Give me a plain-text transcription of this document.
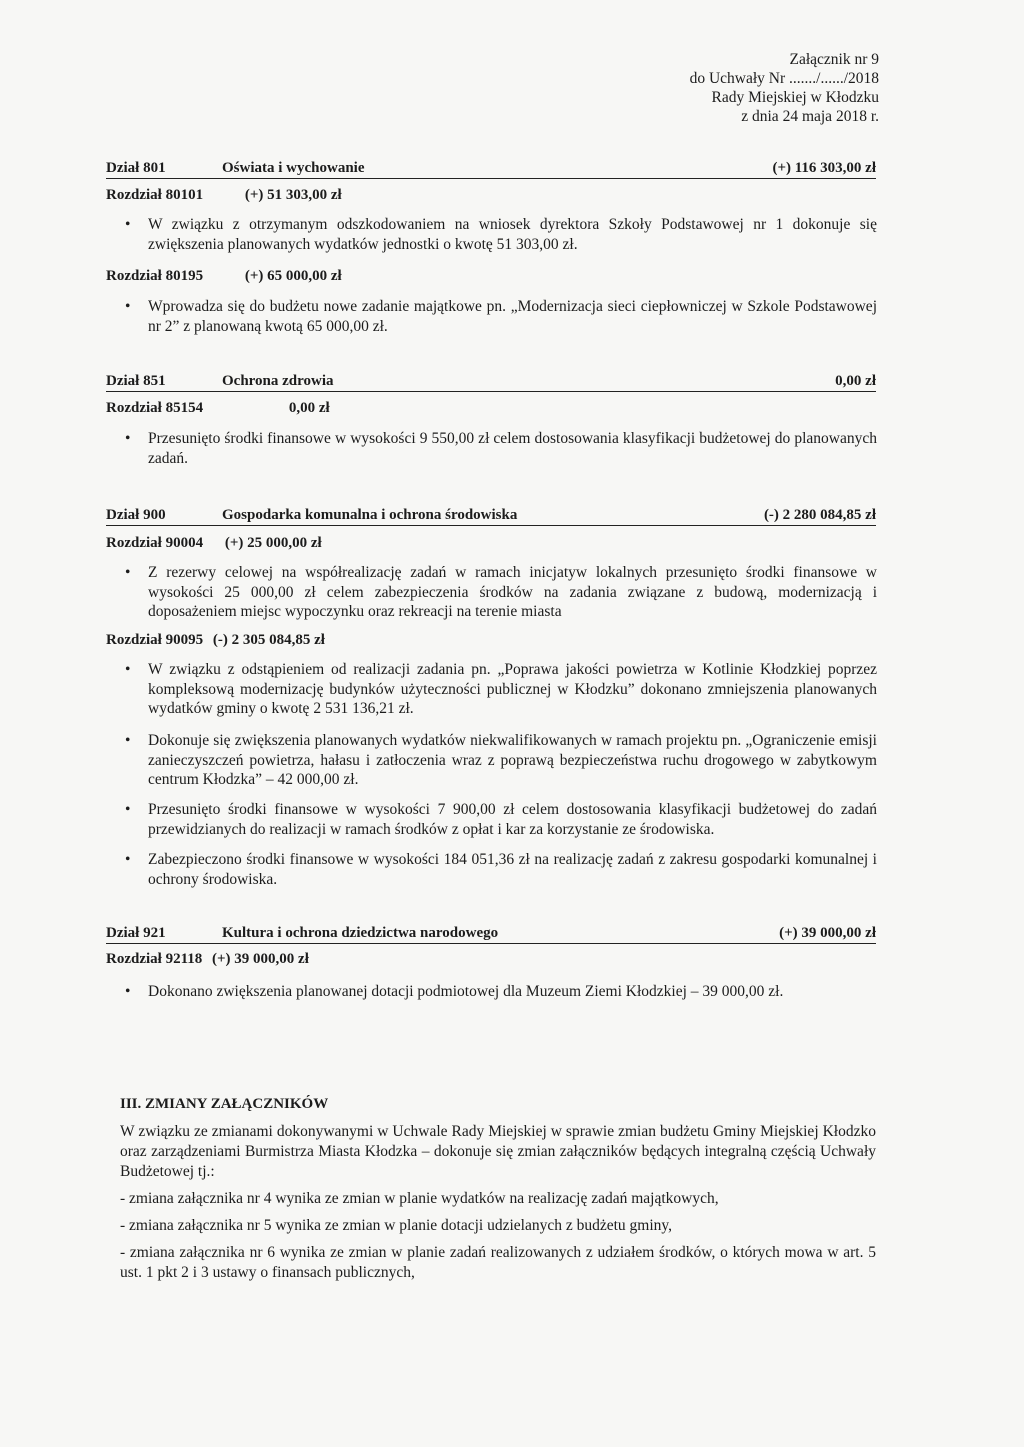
Załącznik nr 9
do Uchwały Nr ......./....../2018
Rady Miejskiej w Kłodzku
z dnia 24 maja 2018 r.
Dział 801	Oświata i wychowanie	(+) 116 303,00 zł
Rozdział 80101	(+) 51 303,00 zł
•	W związku z otrzymanym odszkodowaniem na wniosek dyrektora Szkoły Podstawowej nr 1 dokonuje się zwiększenia planowanych wydatków jednostki o kwotę 51 303,00 zł.
Rozdział 80195	(+) 65 000,00 zł
•	Wprowadza się do budżetu nowe zadanie majątkowe pn. „Modernizacja sieci ciepłowniczej w Szkole Podstawowej nr 2” z planowaną kwotą 65 000,00 zł.
Dział 851	Ochrona zdrowia	0,00 zł
Rozdział 85154	0,00 zł
•	Przesunięto środki finansowe w wysokości 9 550,00 zł celem dostosowania klasyfikacji budżetowej do planowanych zadań.
Dział 900	Gospodarka komunalna i ochrona środowiska	(-) 2 280 084,85 zł
Rozdział 90004 (+) 25 000,00 zł
•	Z rezerwy celowej na współrealizację zadań w ramach inicjatyw lokalnych przesunięto środki finansowe w wysokości 25 000,00 zł celem zabezpieczenia środków na zadania związane z budową, modernizacją i doposażeniem miejsc wypoczynku oraz rekreacji na terenie miasta
Rozdział 90095 (-) 2 305 084,85 zł
•	W związku z odstąpieniem od realizacji zadania pn. „Poprawa jakości powietrza w Kotlinie Kłodzkiej poprzez kompleksową modernizację budynków użyteczności publicznej w Kłodzku” dokonano zmniejszenia planowanych wydatków gminy o kwotę 2 531 136,21 zł.
•	Dokonuje się zwiększenia planowanych wydatków niekwalifikowanych w ramach projektu pn. „Ograniczenie emisji zanieczyszczeń powietrza, hałasu i zatłoczenia wraz z poprawą bezpieczeństwa ruchu drogowego w zabytkowym centrum Kłodzka” – 42 000,00 zł.
•	Przesunięto środki finansowe w wysokości 7 900,00 zł celem dostosowania klasyfikacji budżetowej do zadań przewidzianych do realizacji w ramach środków z opłat i kar za korzystanie ze środowiska.
•	Zabezpieczono środki finansowe w wysokości 184 051,36 zł na realizację zadań z zakresu gospodarki komunalnej i ochrony środowiska.
Dział 921	Kultura i ochrona dziedzictwa narodowego	(+) 39 000,00 zł
Rozdział 92118 (+) 39 000,00 zł
•	Dokonano zwiększenia planowanej dotacji podmiotowej dla Muzeum Ziemi Kłodzkiej – 39 000,00 zł.
III. ZMIANY ZAŁĄCZNIKÓW
W związku ze zmianami dokonywanymi w Uchwale Rady Miejskiej w sprawie zmian budżetu Gminy Miejskiej Kłodzko oraz zarządzeniami Burmistrza Miasta Kłodzka – dokonuje się zmian załączników będących integralną częścią Uchwały Budżetowej tj.:
- zmiana załącznika nr 4 wynika ze zmian w planie wydatków na realizację zadań majątkowych,
- zmiana załącznika nr 5 wynika ze zmian w planie dotacji udzielanych z budżetu gminy,
- zmiana załącznika nr 6 wynika ze zmian w planie zadań realizowanych z udziałem środków, o których mowa w art. 5 ust. 1 pkt 2 i 3 ustawy o finansach publicznych,
